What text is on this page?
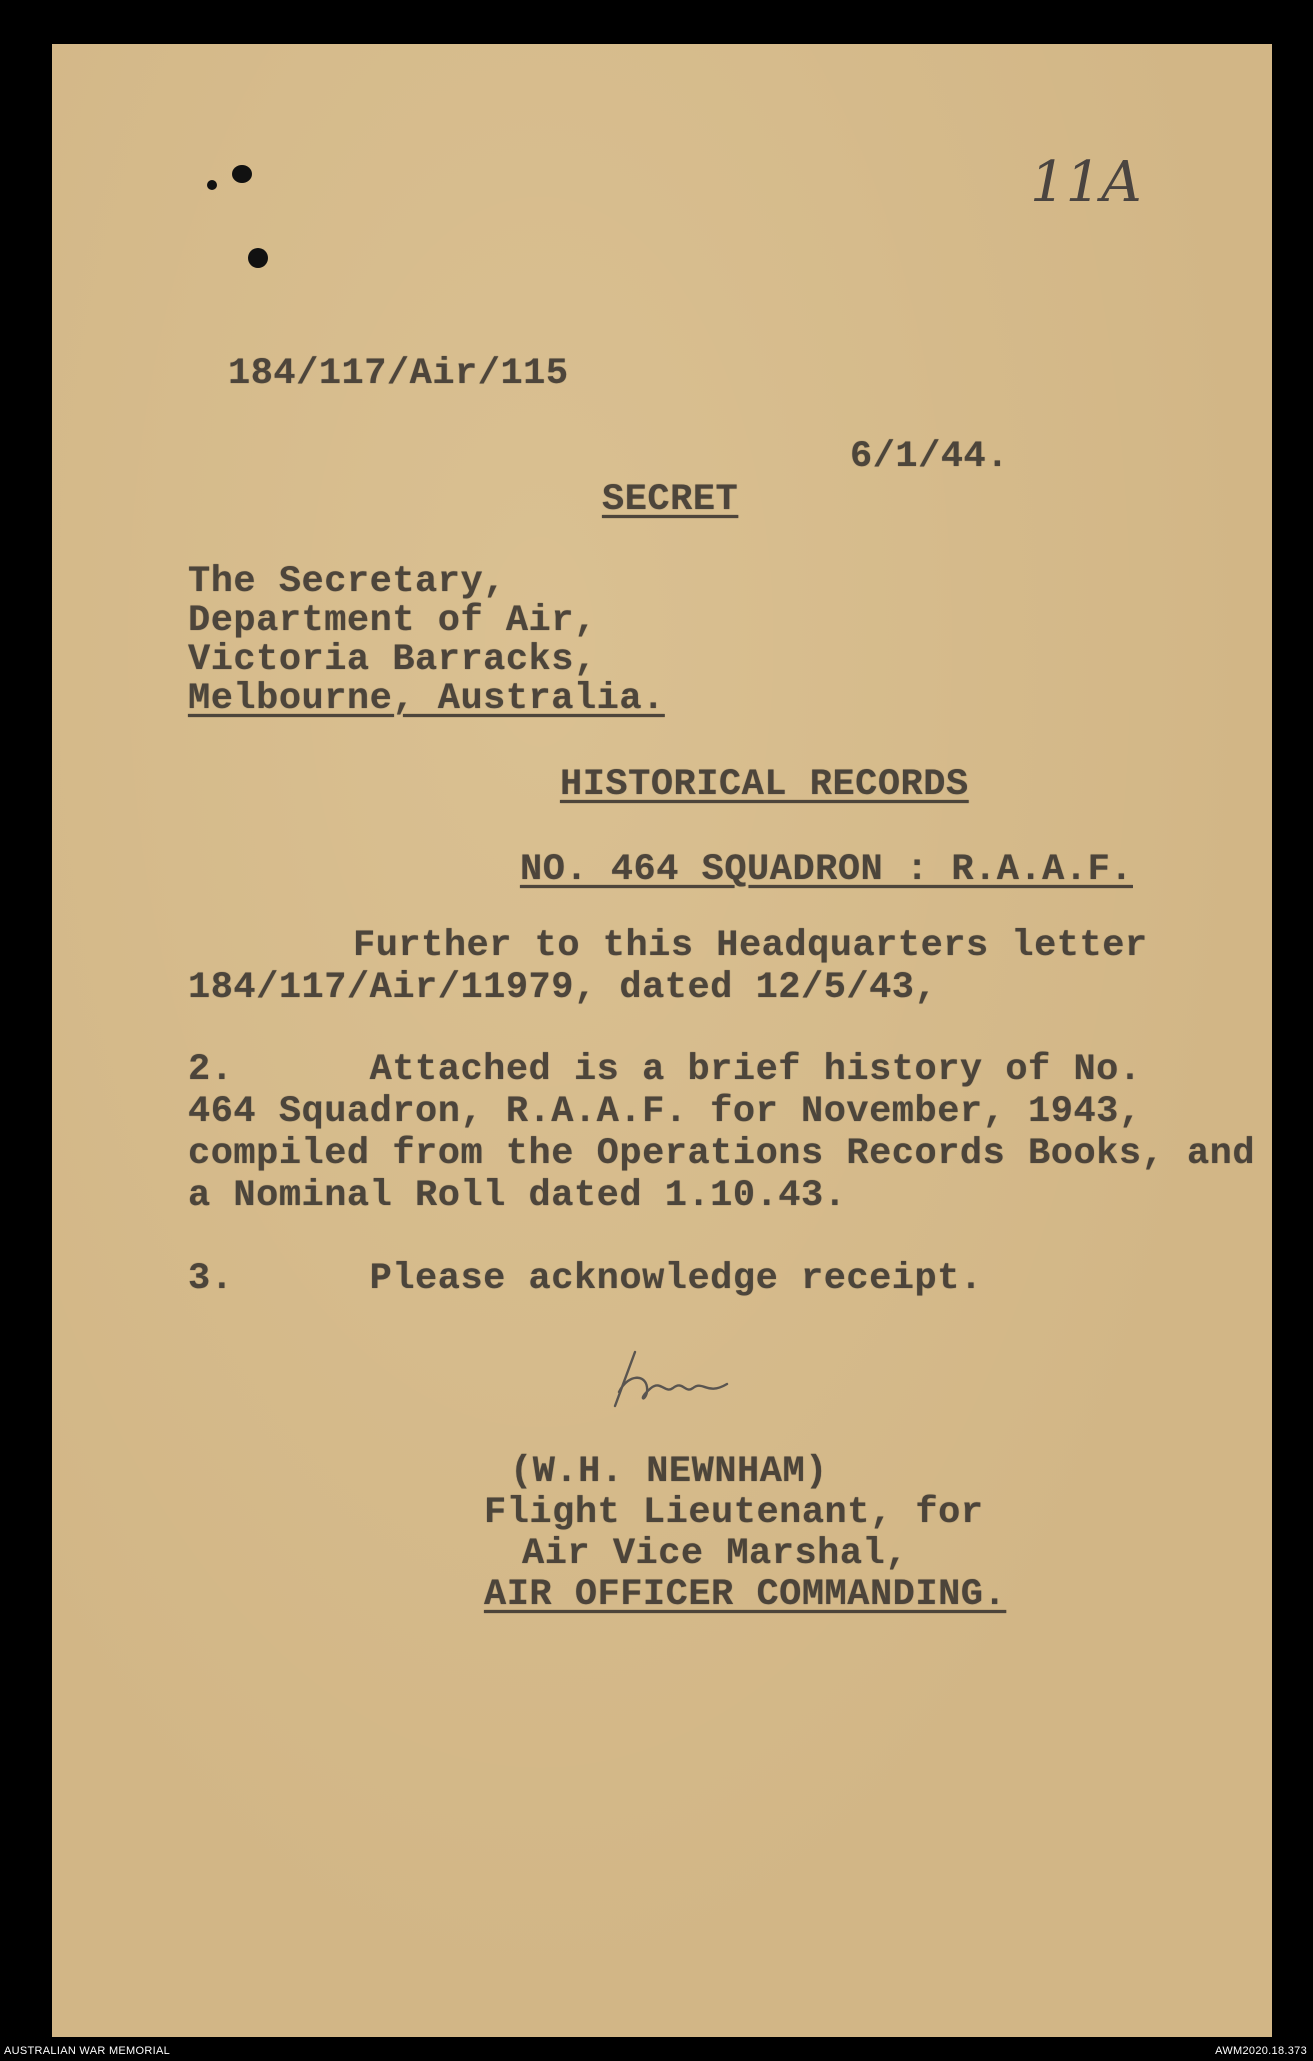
11A
184/117/Air/115
6/1/44.
SECRET
The Secretary,
Department of Air,
Victoria Barracks,
Melbourne, Australia.
HISTORICAL RECORDS
NO. 464 SQUADRON : R.A.A.F.
Further to this Headquarters letter
184/117/Air/11979, dated 12/5/43,
2.      Attached is a brief history of No.
464 Squadron, R.A.A.F. for November, 1943,
compiled from the Operations Records Books, and
a Nominal Roll dated 1.10.43.
3.      Please acknowledge receipt.
(W.H. NEWNHAM)
Flight Lieutenant, for
Air Vice Marshal,
AIR OFFICER COMMANDING.
AUSTRALIAN WAR MEMORIAL	AWM2020.18.373
